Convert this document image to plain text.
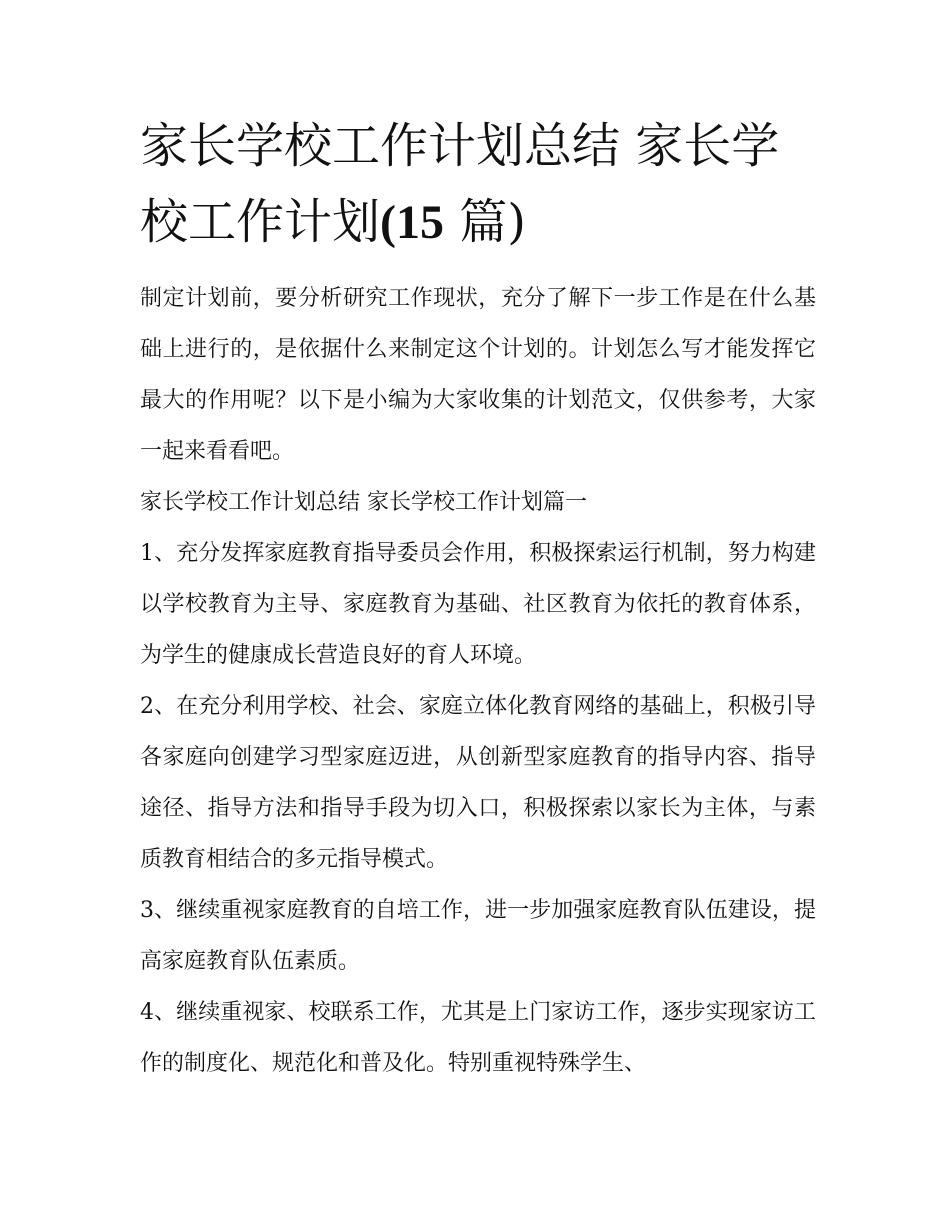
家长学校工作计划总结 家长学校工作计划(15 篇)

制定计划前，要分析研究工作现状，充分了解下一步工作是在什么基础上进行的，是依据什么来制定这个计划的。计划怎么写才能发挥它最大的作用呢？以下是小编为大家收集的计划范文，仅供参考，大家一起来看看吧。

家长学校工作计划总结 家长学校工作计划篇一

1、充分发挥家庭教育指导委员会作用，积极探索运行机制，努力构建以学校教育为主导、家庭教育为基础、社区教育为依托的教育体系，为学生的健康成长营造良好的育人环境。

2、在充分利用学校、社会、家庭立体化教育网络的基础上，积极引导各家庭向创建学习型家庭迈进，从创新型家庭教育的指导内容、指导途径、指导方法和指导手段为切入口，积极探索以家长为主体，与素质教育相结合的多元指导模式。

3、继续重视家庭教育的自培工作，进一步加强家庭教育队伍建设，提高家庭教育队伍素质。

4、继续重视家、校联系工作，尤其是上门家访工作，逐步实现家访工作的制度化、规范化和普及化。特别重视特殊学生、
